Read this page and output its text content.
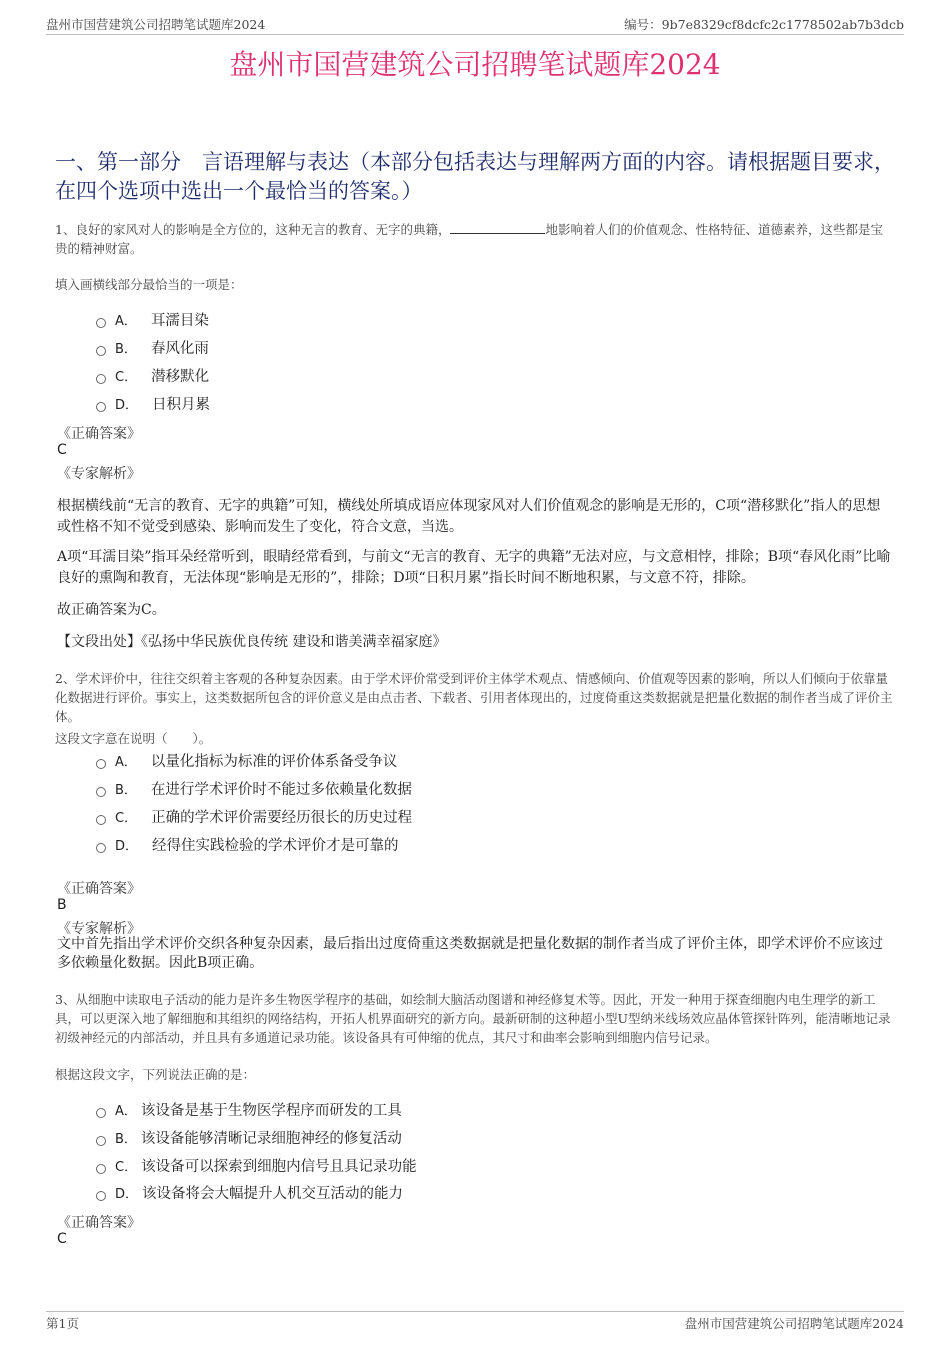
盘州市国营建筑公司招聘笔试题库2024	编号：9b7e8329cf8dcfc2c1778502ab7b3dcb
盘州市国营建筑公司招聘笔试题库2024
一、第一部分　言语理解与表达（本部分包括表达与理解两方面的内容。请根据题目要求，在四个选项中选出一个最恰当的答案。）
1、良好的家风对人的影响是全方位的，这种无言的教育、无字的典籍，	地影响着人们的价值观念、性格特征、道德素养，这些都是宝贵的精神财富。
填入画横线部分最恰当的一项是：
A． 耳濡目染
B． 春风化雨
C． 潜移默化
D． 日积月累
《正确答案》
C
《专家解析》
根据横线前“无言的教育、无字的典籍”可知，横线处所填成语应体现家风对人们价值观念的影响是无形的，C项“潜移默化”指人的思想或性格不知不觉受到感染、影响而发生了变化，符合文意，当选。
A项“耳濡目染”指耳朵经常听到，眼睛经常看到，与前文“无言的教育、无字的典籍”无法对应，与文意相悖，排除；B项“春风化雨”比喻良好的熏陶和教育，无法体现“影响是无形的”，排除；D项“日积月累”指长时间不断地积累，与文意不符，排除。
故正确答案为C。
【文段出处】《弘扬中华民族优良传统 建设和谐美满幸福家庭》
2、学术评价中，往往交织着主客观的各种复杂因素。由于学术评价常受到评价主体学术观点、情感倾向、价值观等因素的影响，所以人们倾向于依靠量化数据进行评价。事实上，这类数据所包含的评价意义是由点击者、下载者、引用者体现出的，过度倚重这类数据就是把量化数据的制作者当成了评价主体。
这段文字意在说明（　　）。
A． 以量化指标为标准的评价体系备受争议
B． 在进行学术评价时不能过多依赖量化数据
C． 正确的学术评价需要经历很长的历史过程
D． 经得住实践检验的学术评价才是可靠的
《正确答案》
B
《专家解析》
文中首先指出学术评价交织各种复杂因素，最后指出过度倚重这类数据就是把量化数据的制作者当成了评价主体，即学术评价不应该过多依赖量化数据。因此B项正确。
3、从细胞中读取电子活动的能力是许多生物医学程序的基础，如绘制大脑活动图谱和神经修复术等。因此，开发一种用于探查细胞内电生理学的新工具，可以更深入地了解细胞和其组织的网络结构，开拓人机界面研究的新方向。最新研制的这种超小型U型纳米线场效应晶体管探针阵列，能清晰地记录初级神经元的内部活动，并且具有多通道记录功能。该设备具有可伸缩的优点，其尺寸和曲率会影响到细胞内信号记录。
根据这段文字，下列说法正确的是：
A． 该设备是基于生物医学程序而研发的工具
B． 该设备能够清晰记录细胞神经的修复活动
C． 该设备可以探索到细胞内信号且具记录功能
D． 该设备将会大幅提升人机交互活动的能力
《正确答案》
C
第1页	盘州市国营建筑公司招聘笔试题库2024
